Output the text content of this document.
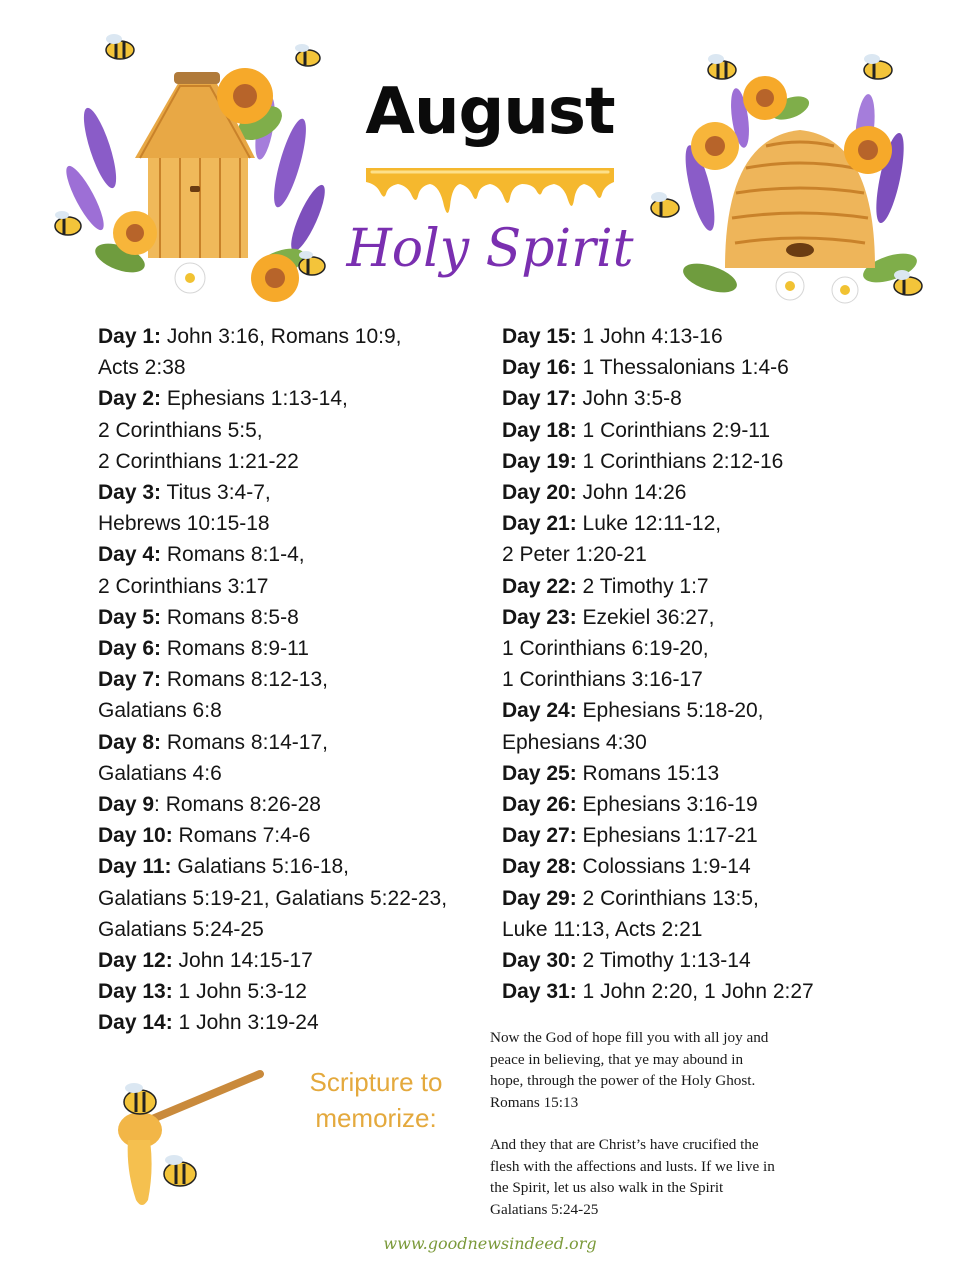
August
Holy Spirit
Day 1: John 3:16, Romans 10:9,
Acts 2:38
Day 2: Ephesians 1:13-14,
2 Corinthians 5:5,
2 Corinthians 1:21-22
Day 3: Titus 3:4-7,
Hebrews 10:15-18
Day 4: Romans 8:1-4,
2 Corinthians 3:17
Day 5: Romans 8:5-8
Day 6: Romans 8:9-11
Day 7: Romans 8:12-13,
Galatians 6:8
Day 8: Romans 8:14-17,
Galatians 4:6
Day 9: Romans 8:26-28
Day 10: Romans 7:4-6
Day 11: Galatians 5:16-18,
Galatians 5:19-21, Galatians 5:22-23,
Galatians 5:24-25
Day 12: John 14:15-17
Day 13: 1 John 5:3-12
Day 14: 1 John 3:19-24
Day 15: 1 John 4:13-16
Day 16: 1 Thessalonians 1:4-6
Day 17: John 3:5-8
Day 18: 1 Corinthians 2:9-11
Day 19: 1 Corinthians 2:12-16
Day 20: John 14:26
Day 21: Luke 12:11-12,
2 Peter 1:20-21
Day 22: 2 Timothy 1:7
Day 23: Ezekiel 36:27,
1 Corinthians 6:19-20,
1 Corinthians 3:16-17
Day 24: Ephesians 5:18-20,
Ephesians 4:30
Day 25: Romans 15:13
Day 26: Ephesians 3:16-19
Day 27: Ephesians 1:17-21
Day 28: Colossians 1:9-14
Day 29: 2 Corinthians 13:5,
Luke 11:13, Acts 2:21
Day 30: 2 Timothy 1:13-14
Day 31: 1 John 2:20, 1 John 2:27
Scripture to
memorize:
Now the God of hope fill you with all joy and
peace in believing, that ye may abound in
hope, through the power of the Holy Ghost.
Romans 15:13
And they that are Christ’s have crucified the
flesh with the affections and lusts. If we live in
the Spirit, let us also walk in the Spirit
Galatians 5:24-25
www.goodnewsindeed.org
